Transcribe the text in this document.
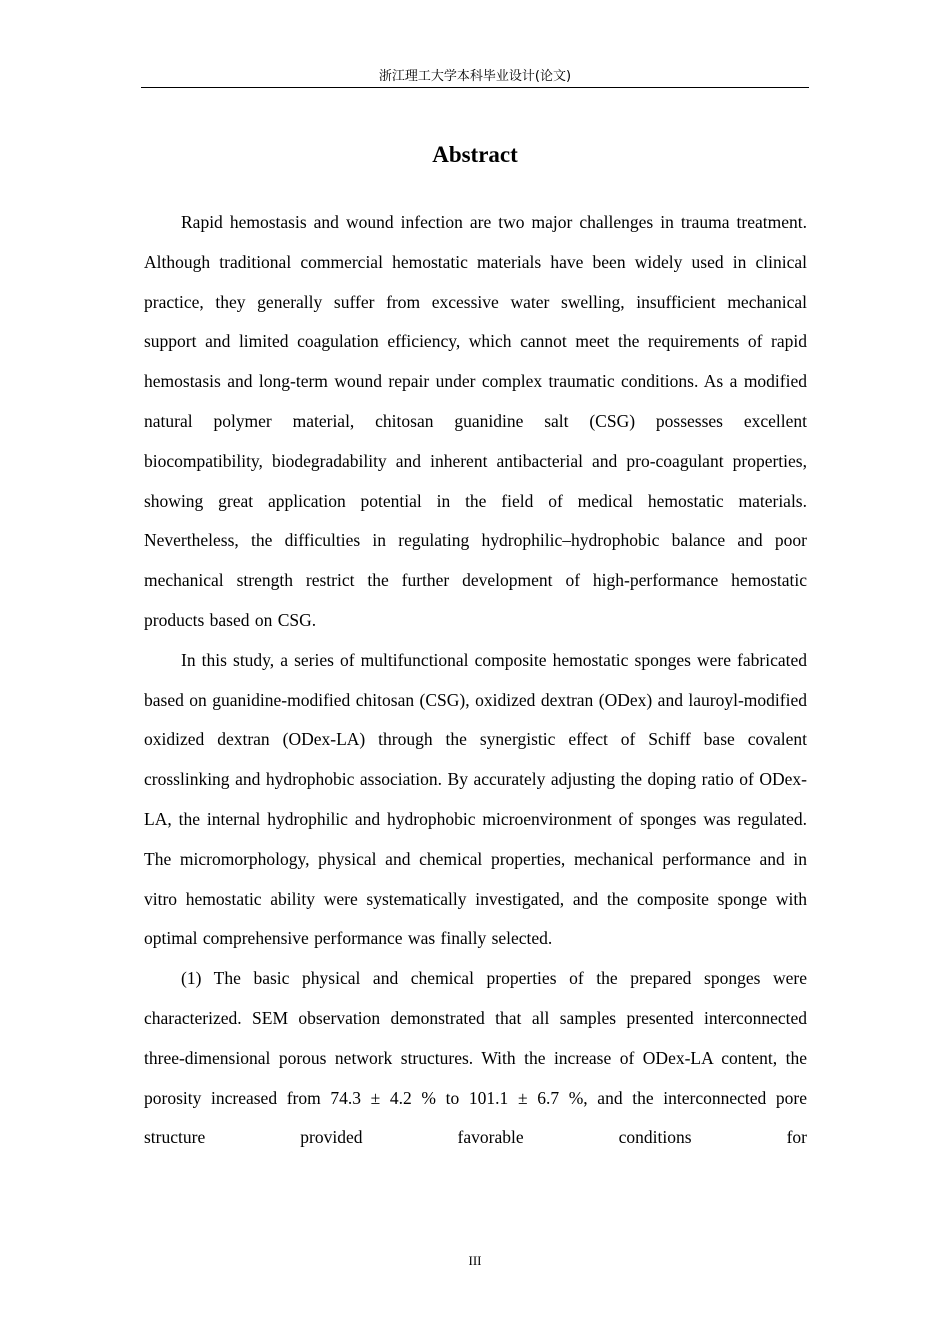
浙江理工大学本科毕业设计(论文)
Abstract

Rapid hemostasis and wound infection are two major challenges in trauma treatment. Although traditional commercial hemostatic materials have been widely used in clinical practice, they generally suffer from excessive water swelling, insufficient mechanical support and limited coagulation efficiency, which cannot meet the requirements of rapid hemostasis and long-term wound repair under complex traumatic conditions. As a modified natural polymer material, chitosan guanidine salt (CSG) possesses excellent biocompatibility, biodegradability and inherent antibacterial and pro-coagulant properties, showing great application potential in the field of medical hemostatic materials. Nevertheless, the difficulties in regulating hydrophilic–hydrophobic balance and poor mechanical strength restrict the further development of high-performance hemostatic products based on CSG.

In this study, a series of multifunctional composite hemostatic sponges were fabricated based on guanidine-modified chitosan (CSG), oxidized dextran (ODex) and lauroyl-modified oxidized dextran (ODex-LA) through the synergistic effect of Schiff base covalent crosslinking and hydrophobic association. By accurately adjusting the doping ratio of ODex-LA, the internal hydrophilic and hydrophobic microenvironment of sponges was regulated. The micromorphology, physical and chemical properties, mechanical performance and in vitro hemostatic ability were systematically investigated, and the composite sponge with optimal comprehensive performance was finally selected.

(1) The basic physical and chemical properties of the prepared sponges were characterized. SEM observation demonstrated that all samples presented interconnected three-dimensional porous network structures. With the increase of ODex-LA content, the porosity increased from 74.3 ± 4.2 % to 101.1 ± 6.7 %, and the interconnected pore structure provided favorable conditions for

III
